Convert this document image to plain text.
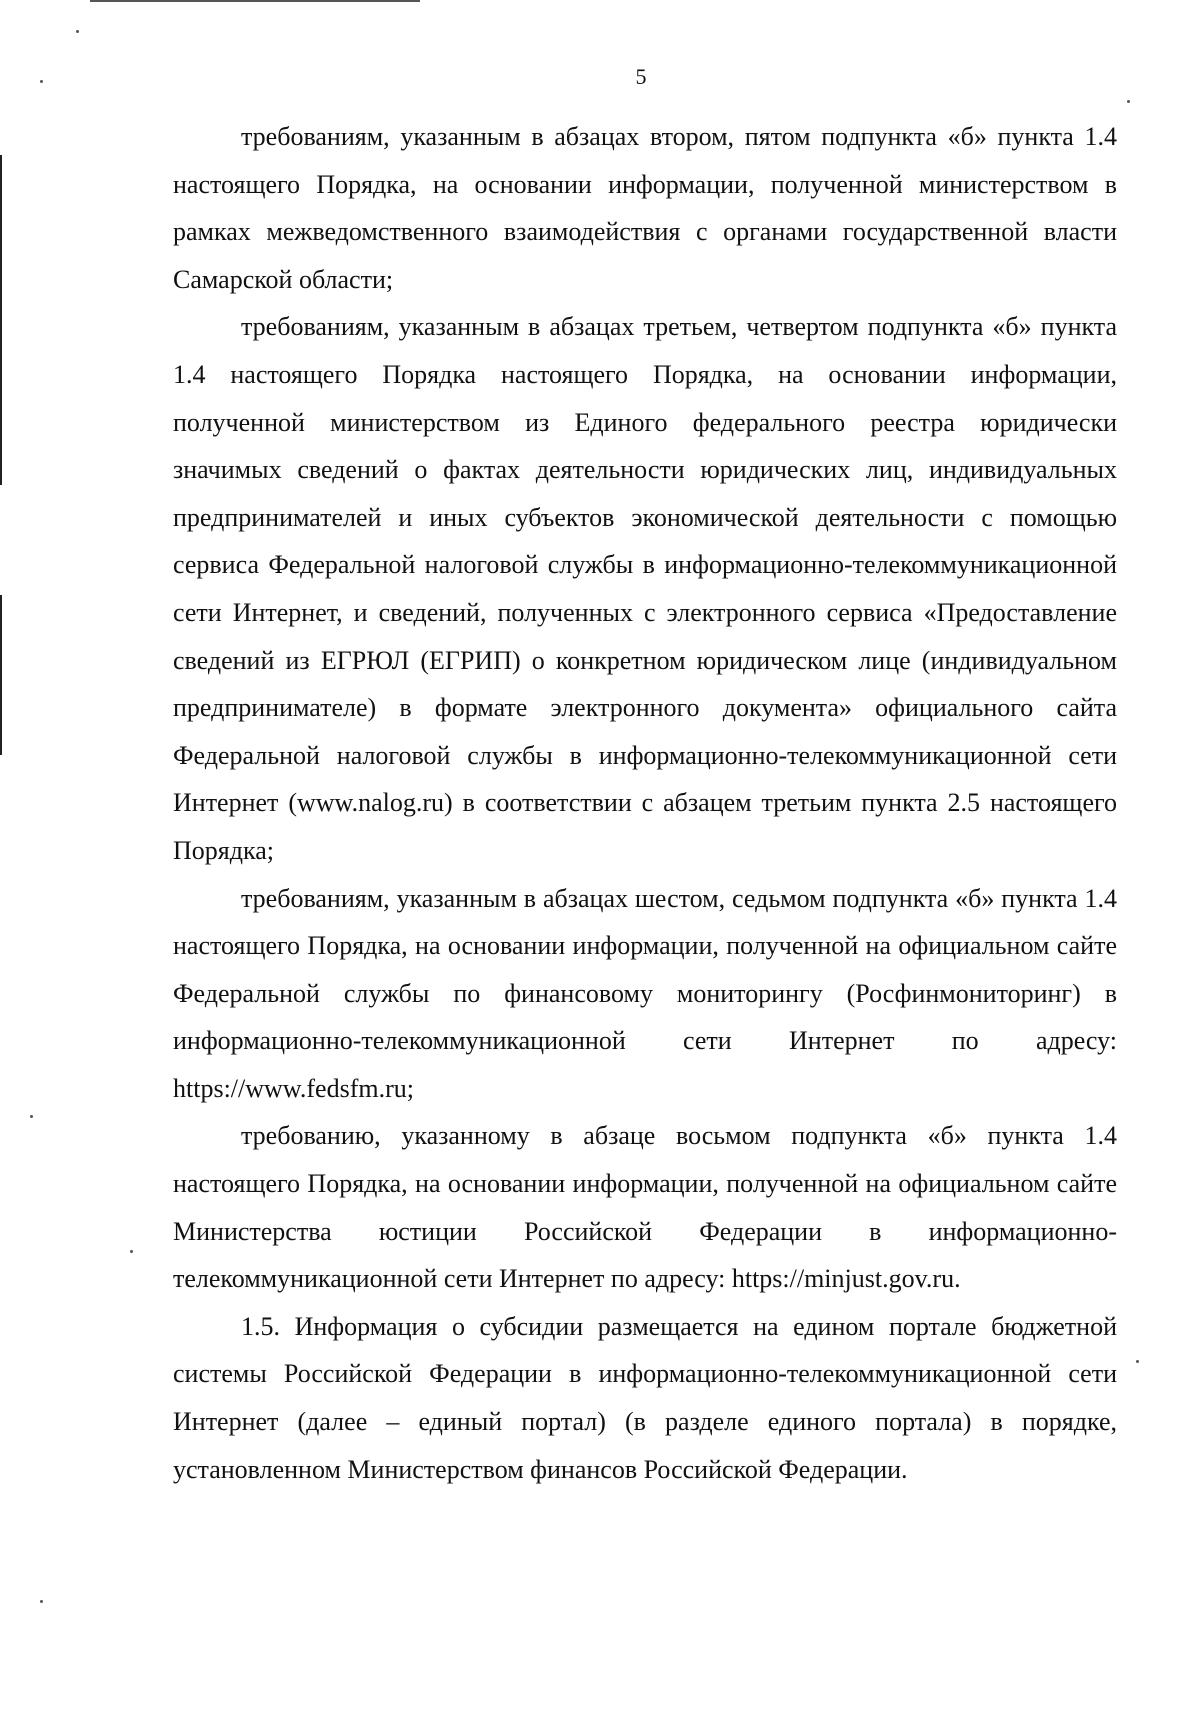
5

требованиям, указанным в абзацах втором, пятом подпункта «б» пункта 1.4 настоящего Порядка, на основании информации, полученной министерством в рамках межведомственного взаимодействия с органами государственной власти Самарской области;

требованиям, указанным в абзацах третьем, четвертом подпункта «б» пункта 1.4 настоящего Порядка настоящего Порядка, на основании информации, полученной министерством из Единого федерального реестра юридически значимых сведений о фактах деятельности юридических лиц, индивидуальных предпринимателей и иных субъектов экономической деятельности с помощью сервиса Федеральной налоговой службы в информационно-телекоммуникационной сети Интернет, и сведений, полученных с электронного сервиса «Предоставление сведений из ЕГРЮЛ (ЕГРИП) о конкретном юридическом лице (индивидуальном предпринимателе) в формате электронного документа» официального сайта Федеральной налоговой службы в информационно-телекоммуникационной сети Интернет (www.nalog.ru) в соответствии с абзацем третьим пункта 2.5 настоящего Порядка;

требованиям, указанным в абзацах шестом, седьмом подпункта «б» пункта 1.4 настоящего Порядка, на основании информации, полученной на официальном сайте Федеральной службы по финансовому мониторингу (Росфинмониторинг) в информационно-телекоммуникационной сети Интернет по адресу: https://www.fedsfm.ru;

требованию, указанному в абзаце восьмом подпункта «б» пункта 1.4 настоящего Порядка, на основании информации, полученной на официальном сайте Министерства юстиции Российской Федерации в информационно-телекоммуникационной сети Интернет по адресу: https://minjust.gov.ru.

1.5. Информация о субсидии размещается на едином портале бюджетной системы Российской Федерации в информационно-телекоммуникационной сети Интернет (далее – единый портал) (в разделе единого портала) в порядке, установленном Министерством финансов Российской Федерации.
